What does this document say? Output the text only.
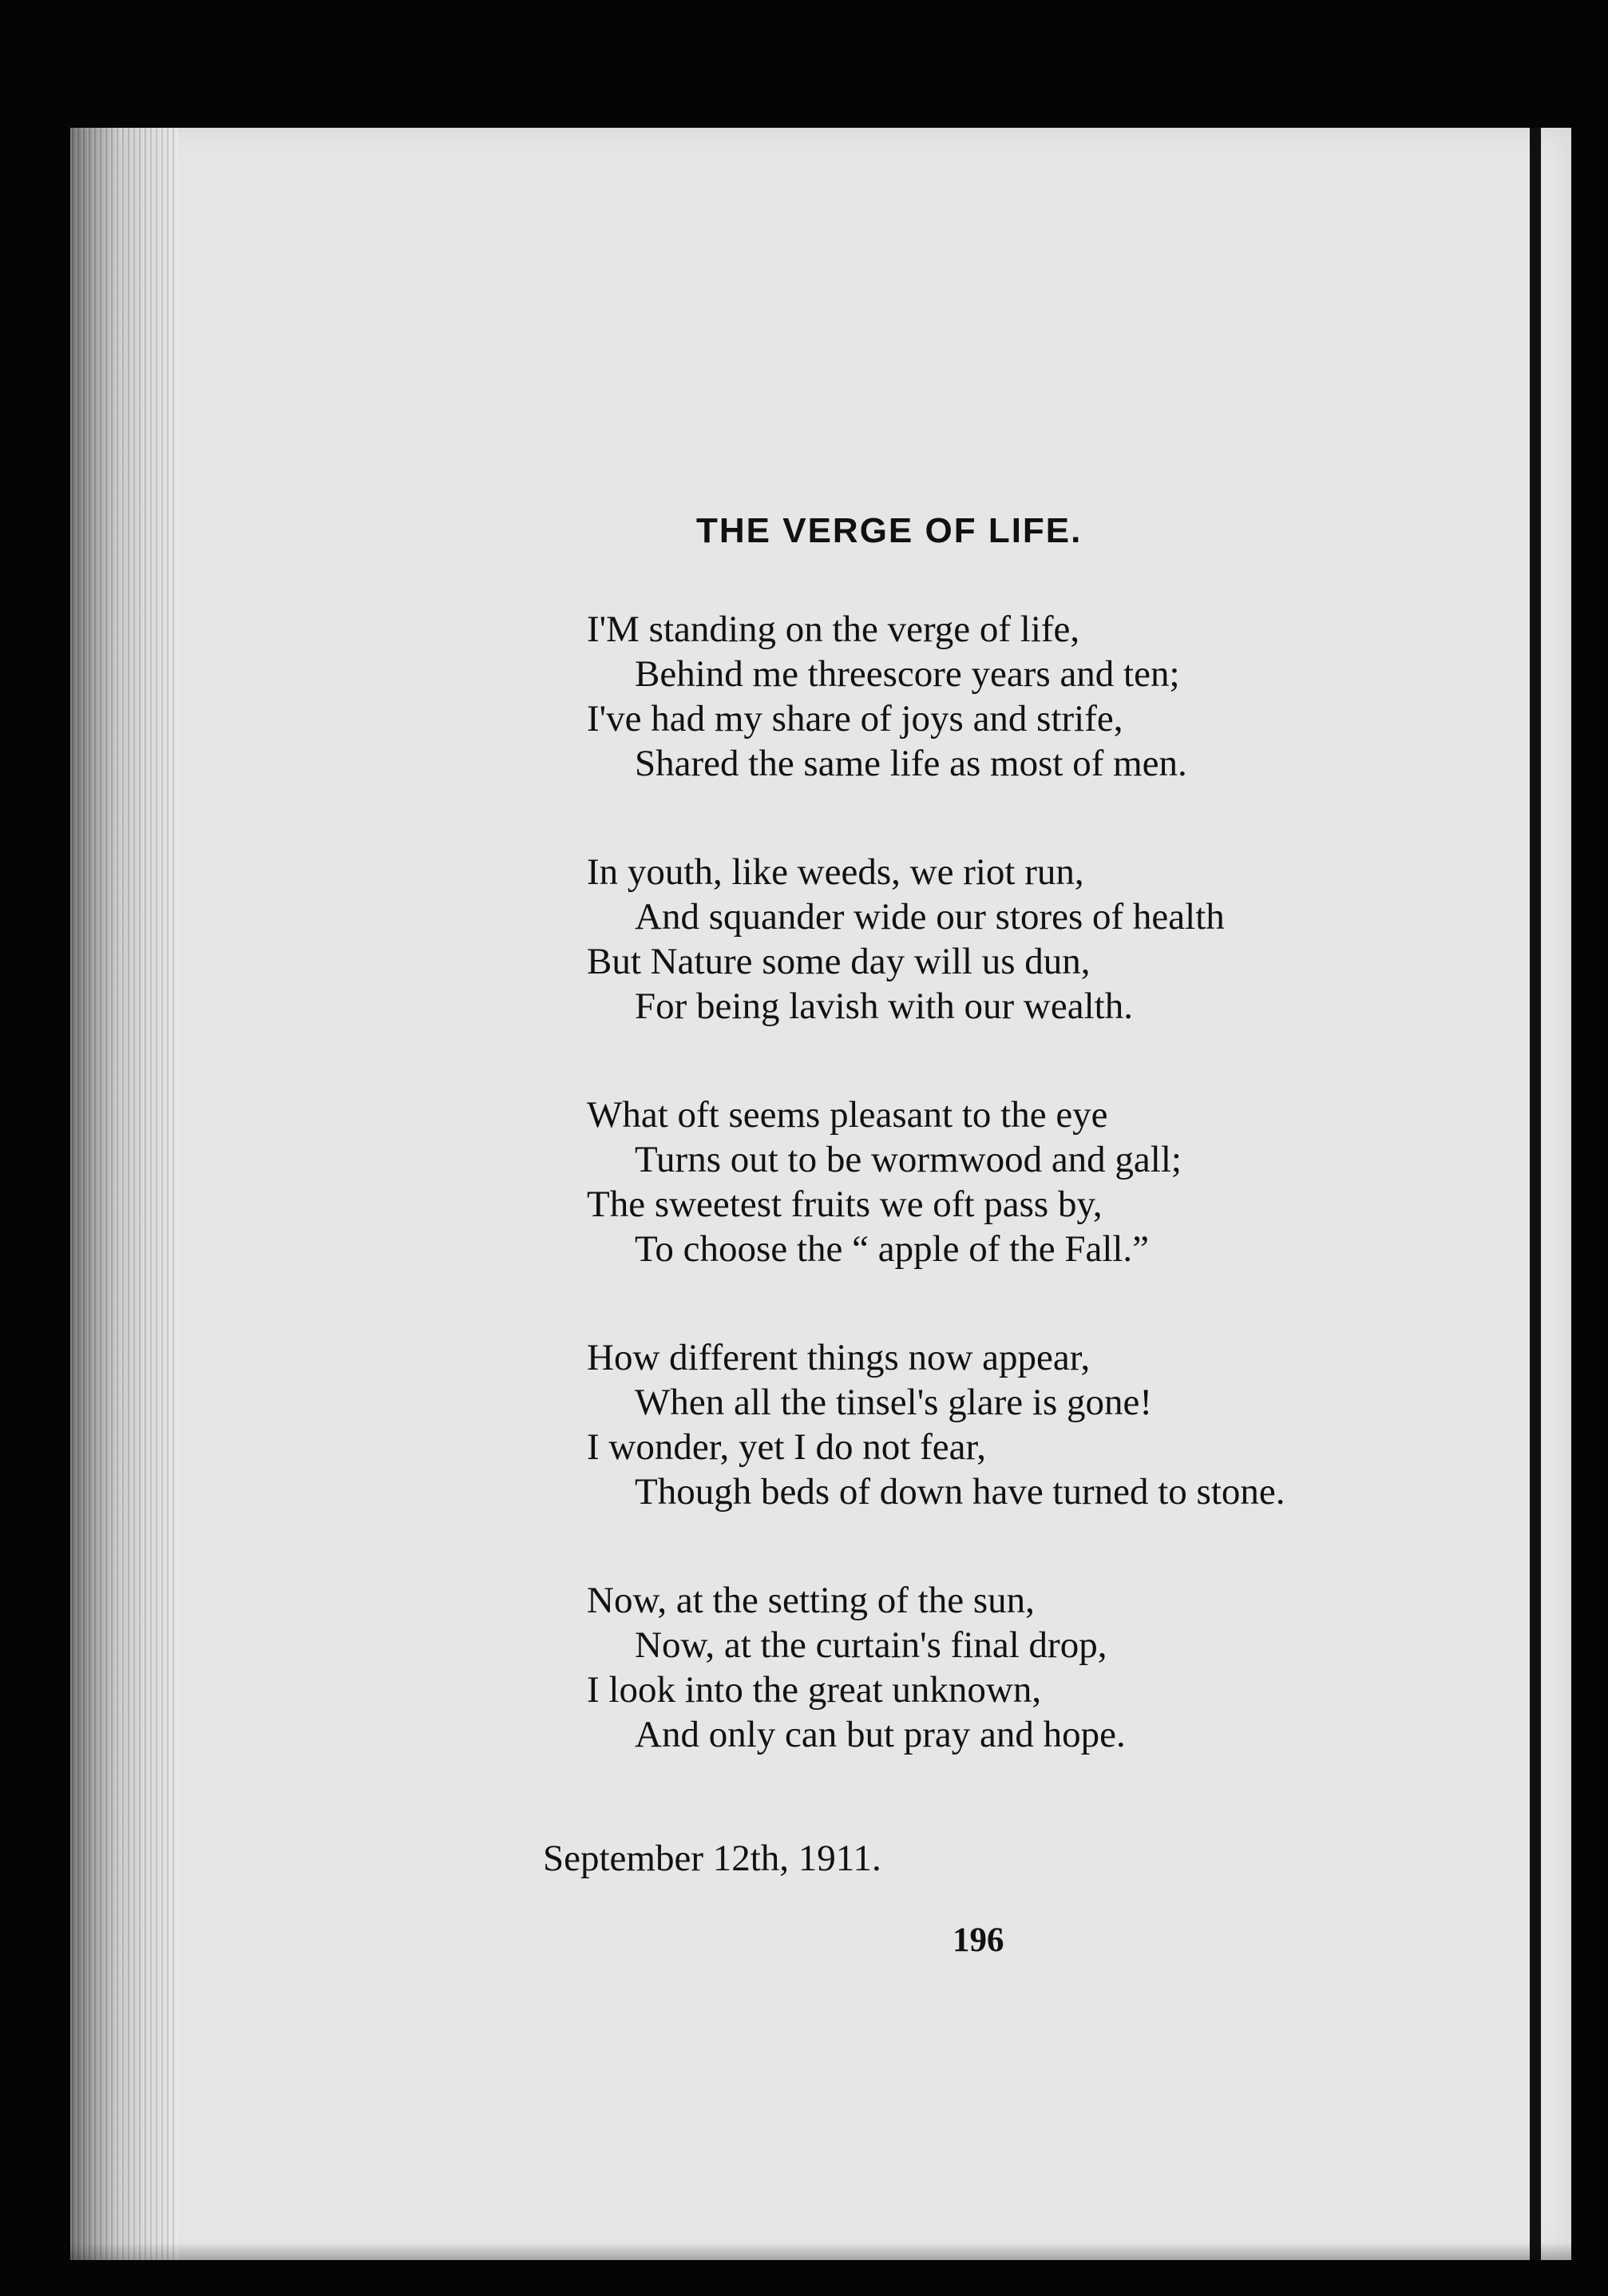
THE VERGE OF LIFE.
I'M standing on the verge of life,
Behind me threescore years and ten;
I've had my share of joys and strife,
Shared the same life as most of men.
In youth, like weeds, we riot run,
And squander wide our stores of health
But Nature some day will us dun,
For being lavish with our wealth.
What oft seems pleasant to the eye
Turns out to be wormwood and gall;
The sweetest fruits we oft pass by,
To choose the “ apple of the Fall.”
How different things now appear,
When all the tinsel's glare is gone!
I wonder, yet I do not fear,
Though beds of down have turned to stone.
Now, at the setting of the sun,
Now, at the curtain's final drop,
I look into the great unknown,
And only can but pray and hope.
September 12th, 1911.
196
